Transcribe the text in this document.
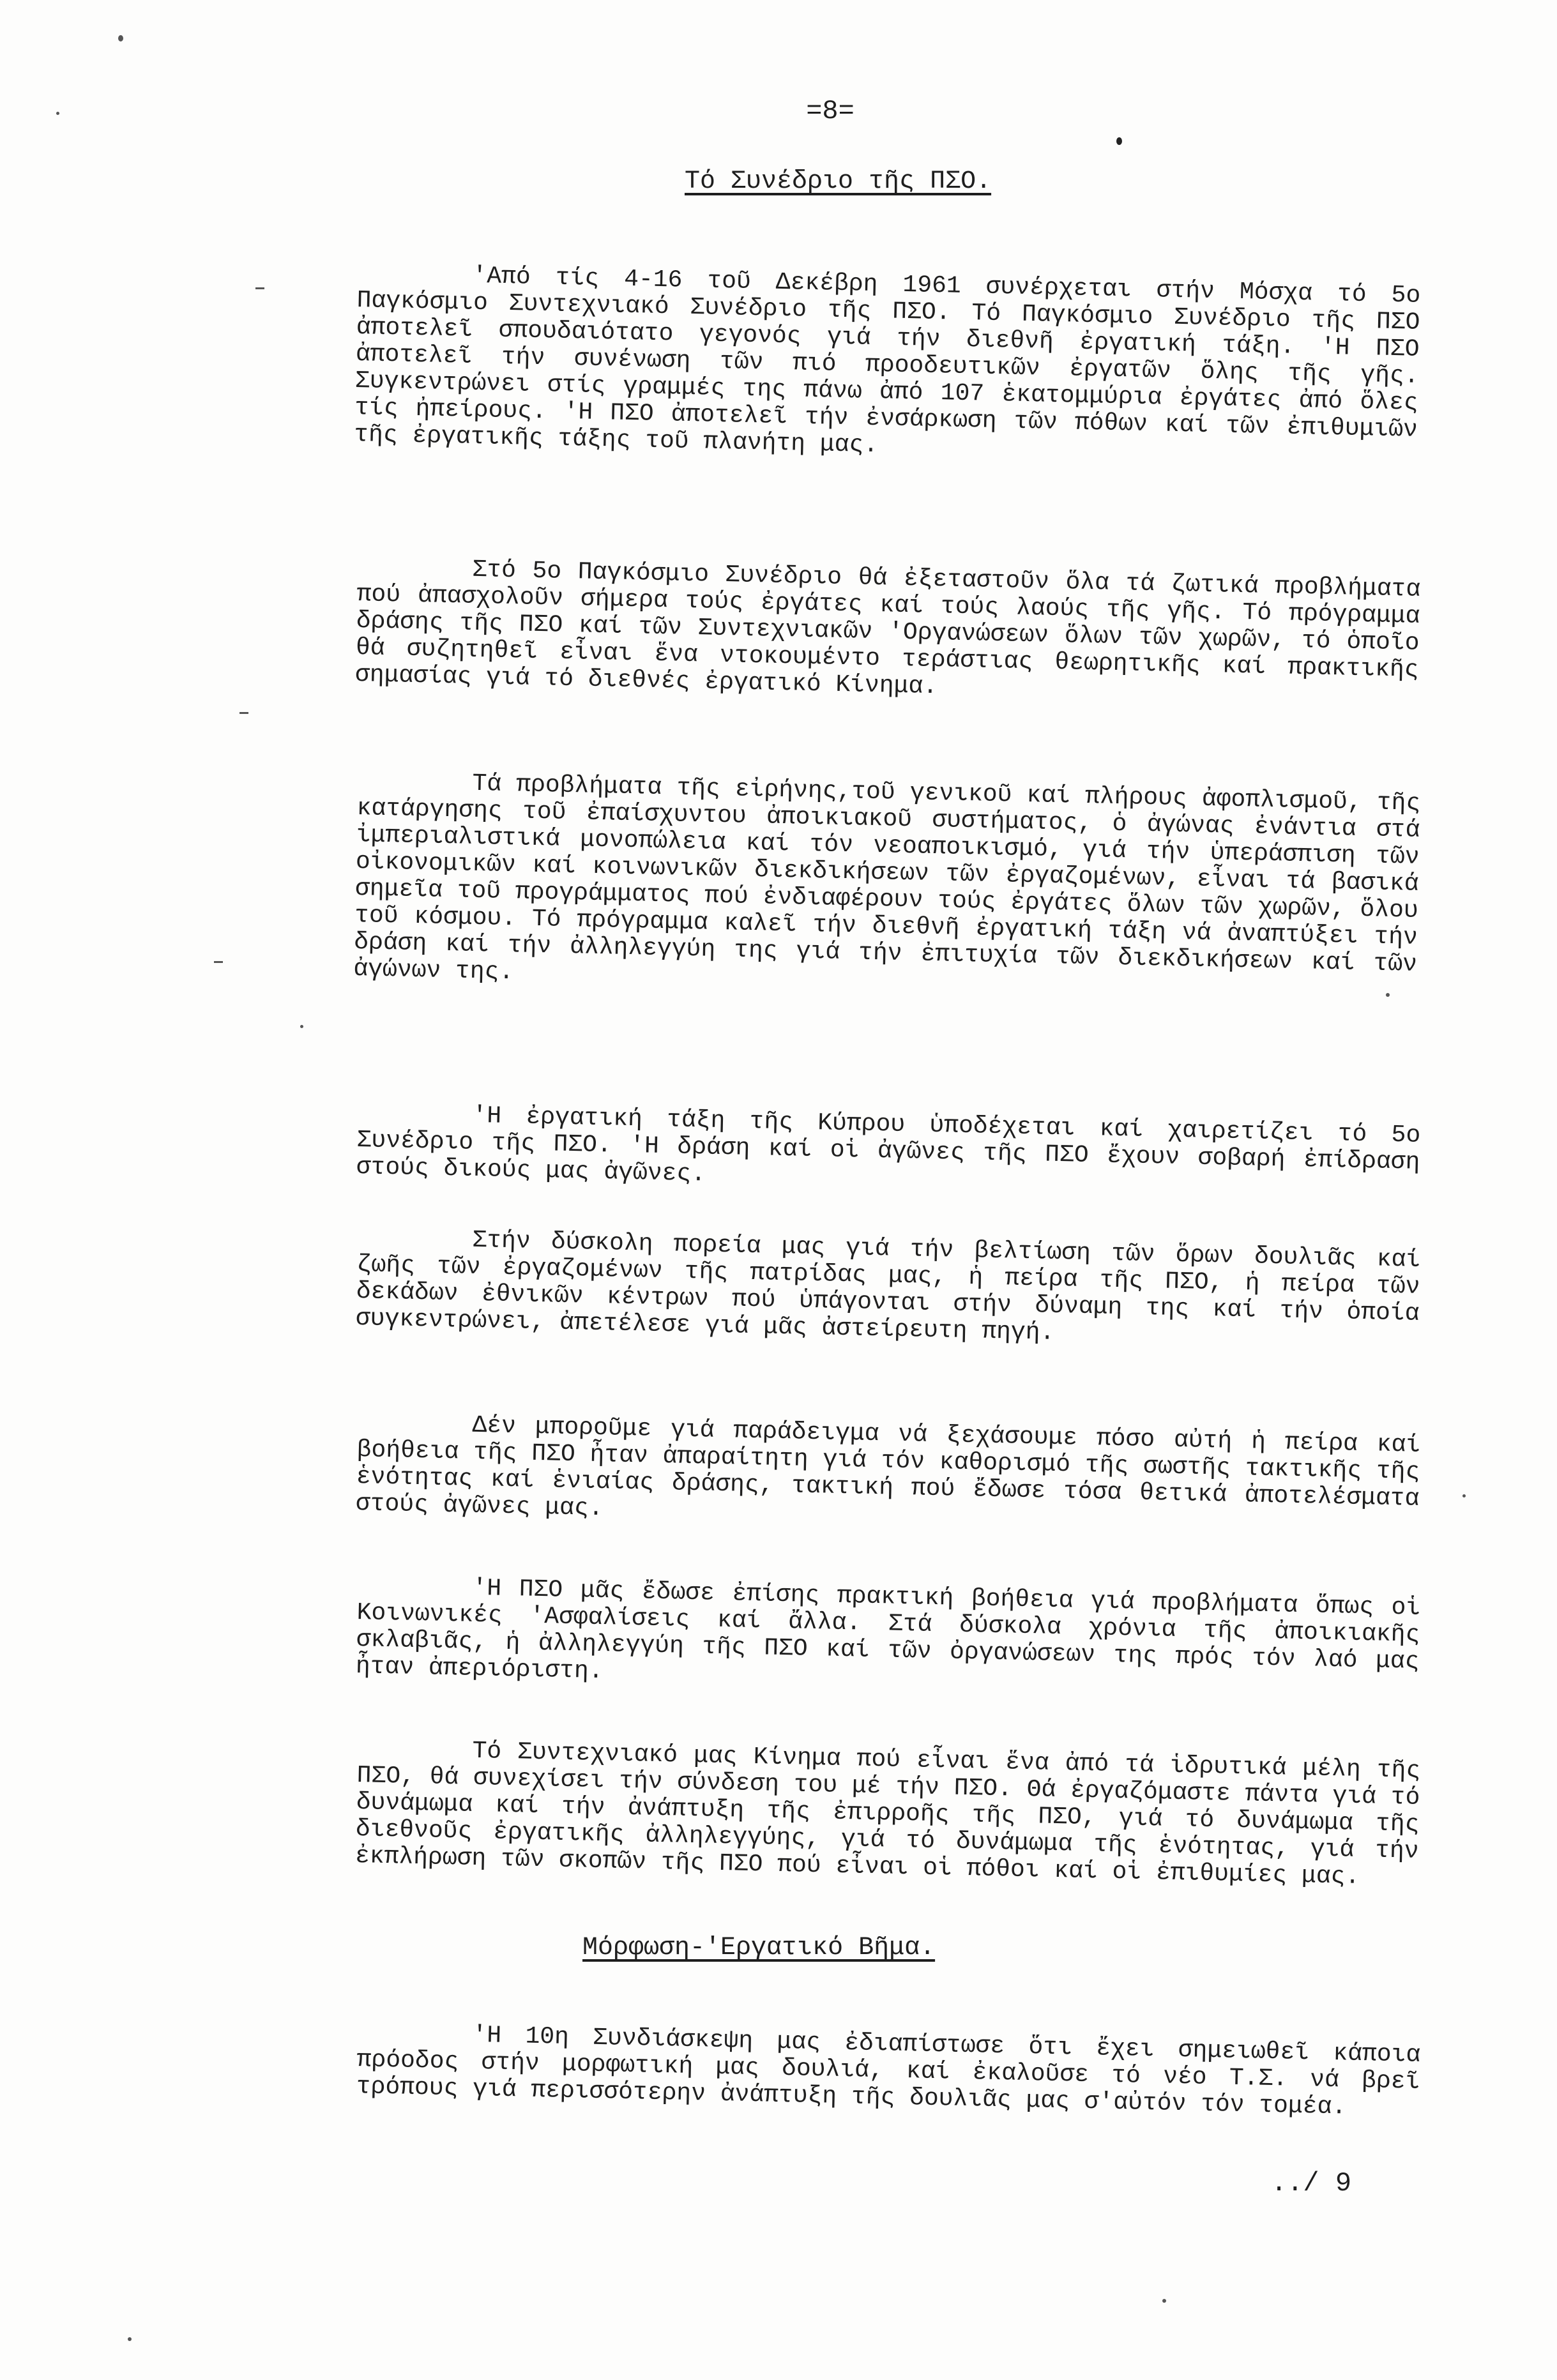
=8=
Τό Συνέδριο τῆς ΠΣΟ.

'Από τίς 4-16 τοῦ Δεκέβρη 1961 συνέρχεται στήν Μόσχα τό 5ο Παγκόσμιο Συντεχνιακό Συνέδριο τῆς ΠΣΟ. Τό Παγκόσμιο Συνέδριο τῆς ΠΣΟ ἀποτελεῖ σπουδαιότατο γεγονός γιά τήν διεθνῆ ἐργατική τάξη. 'Η ΠΣΟ ἀποτελεῖ τήν συνένωση τῶν πιό προοδευτικῶν ἐργατῶν ὅλης τῆς γῆς. Συγκεντρώνει στίς γραμμές της πάνω ἀπό 107 ἑκατομμύρια ἐργάτες ἀπό ὅλες τίς ἠπείρους. 'Η ΠΣΟ ἀποτελεῖ τήν ἐνσάρκωση τῶν πόθων καί τῶν ἐπιθυμιῶν τῆς ἐργατικῆς τάξης τοῦ πλανήτη μας.

Στό 5ο Παγκόσμιο Συνέδριο θά ἐξεταστοῦν ὅλα τά ζωτικά προβλήματα πού ἀπασχολοῦν σήμερα τούς ἐργάτες καί τούς λαούς τῆς γῆς. Τό πρόγραμμα δράσης τῆς ΠΣΟ καί τῶν Συντεχνιακῶν 'Οργανώσεων ὅλων τῶν χωρῶν, τό ὁποῖο θά συζητηθεῖ εἶναι ἕνα ντοκουμέντο τεράστιας θεωρητικῆς καί πρακτικῆς σημασίας γιά τό διεθνές ἐργατικό Κίνημα.

Τά προβλήματα τῆς εἰρήνης,τοῦ γενικοῦ καί πλήρους ἀφοπλισμοῦ, τῆς κατάργησης τοῦ ἐπαίσχυντου ἀποικιακοῦ συστήματος, ὁ ἀγώνας ἐνάντια στά ἰμπεριαλιστικά μονοπώλεια καί τόν νεοαποικισμό, γιά τήν ὑπεράσπιση τῶν οἰκονομικῶν καί κοινωνικῶν διεκδικήσεων τῶν ἐργαζομένων, εἶναι τά βασικά σημεῖα τοῦ προγράμματος πού ἐνδιαφέρουν τούς ἐργάτες ὅλων τῶν χωρῶν, ὅλου τοῦ κόσμου. Τό πρόγραμμα καλεῖ τήν διεθνῆ ἐργατική τάξη νά ἀναπτύξει τήν δράση καί τήν ἀλληλεγγύη της γιά τήν ἐπιτυχία τῶν διεκδικήσεων καί τῶν ἀγώνων της.

'Η ἐργατική τάξη τῆς Κύπρου ὑποδέχεται καί χαιρετίζει τό 5ο Συνέδριο τῆς ΠΣΟ. 'Η δράση καί οἱ ἀγῶνες τῆς ΠΣΟ ἔχουν σοβαρή ἐπίδραση στούς δικούς μας ἀγῶνες.

Στήν δύσκολη πορεία μας γιά τήν βελτίωση τῶν ὅρων δουλιᾶς καί ζωῆς τῶν ἐργαζομένων τῆς πατρίδας μας, ἡ πείρα τῆς ΠΣΟ, ἡ πείρα τῶν δεκάδων ἐθνικῶν κέντρων πού ὑπάγονται στήν δύναμη της καί τήν ὁποία συγκεντρώνει, ἀπετέλεσε γιά μᾶς ἀστείρευτη πηγή.

Δέν μποροῦμε γιά παράδειγμα νά ξεχάσουμε πόσο αὐτή ἡ πείρα καί βοήθεια τῆς ΠΣΟ ἦταν ἀπαραίτητη γιά τόν καθορισμό τῆς σωστῆς τακτικῆς τῆς ἑνότητας καί ἑνιαίας δράσης, τακτική πού ἔδωσε τόσα θετικά ἀποτελέσματα στούς ἀγῶνες μας.

'Η ΠΣΟ μᾶς ἔδωσε ἐπίσης πρακτική βοήθεια γιά προβλήματα ὅπως οἱ Κοινωνικές 'Ασφαλίσεις καί ἄλλα. Στά δύσκολα χρόνια τῆς ἀποικιακῆς σκλαβιᾶς, ἡ ἀλληλεγγύη τῆς ΠΣΟ καί τῶν ὀργανώσεων της πρός τόν λαό μας ἦταν ἀπεριόριστη.

Τό Συντεχνιακό μας Κίνημα πού εἶναι ἕνα ἀπό τά ἱδρυτικά μέλη τῆς ΠΣΟ, θά συνεχίσει τήν σύνδεση του μέ τήν ΠΣΟ. Θά ἐργαζόμαστε πάντα γιά τό δυνάμωμα καί τήν ἀνάπτυξη τῆς ἐπιρροῆς τῆς ΠΣΟ, γιά τό δυνάμωμα τῆς διεθνοῦς ἐργατικῆς ἀλληλεγγύης, γιά τό δυνάμωμα τῆς ἑνότητας, γιά τήν ἐκπλήρωση τῶν σκοπῶν τῆς ΠΣΟ πού εἶναι οἱ πόθοι καί οἱ ἐπιθυμίες μας.

Μόρφωση-'Εργατικό Βῆμα.

'Η 10η Συνδιάσκεψη μας ἐδιαπίστωσε ὅτι ἔχει σημειωθεῖ κάποια πρόοδος στήν μορφωτική μας δουλιά, καί ἐκαλοῦσε τό νέο Τ.Σ. νά βρεῖ τρόπους γιά περισσότερην ἀνάπτυξη τῆς δουλιᾶς μας σ'αὐτόν τόν τομέα.

../ 9
